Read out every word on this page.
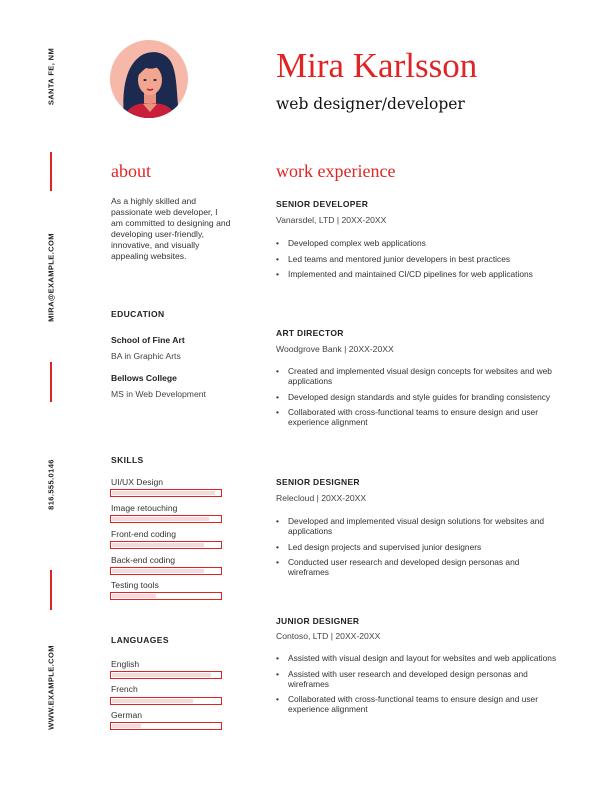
SANTA FE, NM
MIRA@EXAMPLE.COM
816.555.0146
WWW.EXAMPLE.COM
Mira Karlsson
web designer/developer
about
As a highly skilled and passionate web developer, I am committed to designing and developing user-friendly, innovative, and visually appealing websites.
EDUCATION
School of Fine Art
BA in Graphic Arts
Bellows College
MS in Web Development
SKILLS
UI/UX Design
Image retouching
Front-end coding
Back-end coding
Testing tools
LANGUAGES
English
French
German
work experience
SENIOR DEVELOPER
Vanarsdel, LTD | 20XX-20XX
• Developed complex web applications
• Led teams and mentored junior developers in best practices
• Implemented and maintained CI/CD pipelines for web applications
ART DIRECTOR
Woodgrove Bank | 20XX-20XX
• Created and implemented visual design concepts for websites and web applications
• Developed design standards and style guides for branding consistency
• Collaborated with cross-functional teams to ensure design and user experience alignment
SENIOR DESIGNER
Relecloud | 20XX-20XX
• Developed and implemented visual design solutions for websites and applications
• Led design projects and supervised junior designers
• Conducted user research and developed design personas and wireframes
JUNIOR DESIGNER
Contoso, LTD | 20XX-20XX
• Assisted with visual design and layout for websites and web applications
• Assisted with user research and developed design personas and wireframes
• Collaborated with cross-functional teams to ensure design and user experience alignment
